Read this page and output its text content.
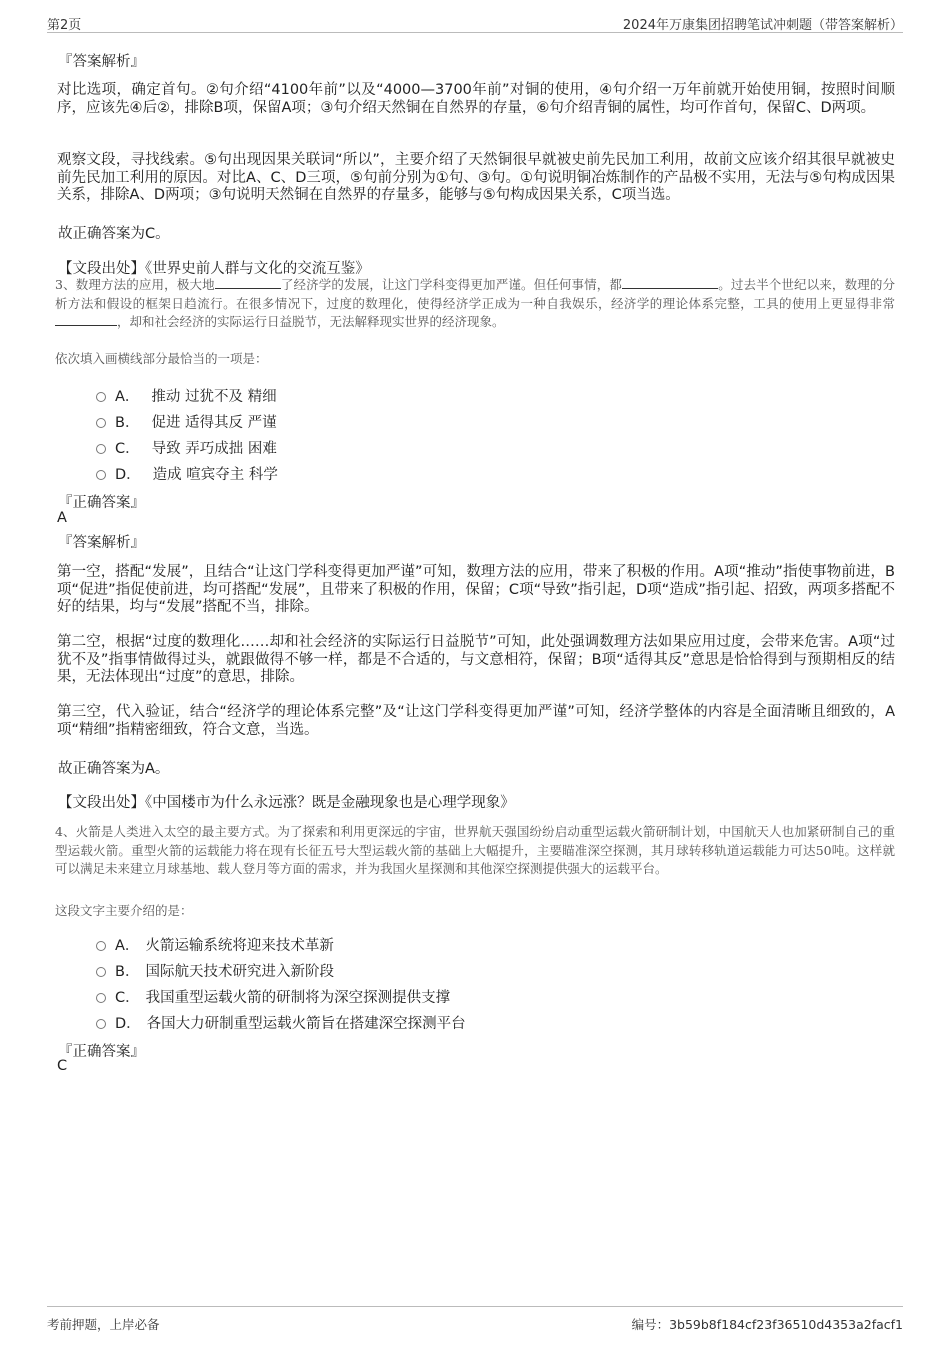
第2页	2024年万康集团招聘笔试冲刺题（带答案解析）
『答案解析』
对比选项，确定首句。②句介绍“4100年前”以及“4000—3700年前”对铜的使用，④句介绍一万年前就开始使用铜，按照时间顺序，应该先④后②，排除B项，保留A项；③句介绍天然铜在自然界的存量，⑥句介绍青铜的属性，均可作首句，保留C、D两项。
观察文段，寻找线索。⑤句出现因果关联词“所以”，主要介绍了天然铜很早就被史前先民加工利用，故前文应该介绍其很早就被史前先民加工利用的原因。对比A、C、D三项，⑤句前分别为①句、③句。①句说明铜冶炼制作的产品极不实用，无法与⑤句构成因果关系，排除A、D两项；③句说明天然铜在自然界的存量多，能够与⑤句构成因果关系，C项当选。
故正确答案为C。
【文段出处】《世界史前人群与文化的交流互鉴》
3、数理方法的应用，极大地	了经济学的发展，让这门学科变得更加严谨。但任何事情，都	。过去半个世纪以来，数理的分析方法和假设的框架日趋流行。在很多情况下，过度的数理化，使得经济学正成为一种自我娱乐，经济学的理论体系完整，工具的使用上更显得非常，却和社会经济的实际运行日益脱节，无法解释现实世界的经济现象。
依次填入画横线部分最恰当的一项是：
A． 推动 过犹不及 精细
B． 促进 适得其反 严谨
C． 导致 弄巧成拙 困难
D． 造成 喧宾夺主 科学
『正确答案』
A
『答案解析』
第一空，搭配“发展”，且结合“让这门学科变得更加严谨”可知，数理方法的应用，带来了积极的作用。A项“推动”指使事物前进，B项“促进”指促使前进，均可搭配“发展”，且带来了积极的作用，保留；C项“导致”指引起，D项“造成”指引起、招致，两项多搭配不好的结果，均与“发展”搭配不当，排除。
第二空，根据“过度的数理化……却和社会经济的实际运行日益脱节”可知，此处强调数理方法如果应用过度，会带来危害。A项“过犹不及”指事情做得过头，就跟做得不够一样，都是不合适的，与文意相符，保留；B项“适得其反”意思是恰恰得到与预期相反的结果，无法体现出“过度”的意思，排除。
第三空，代入验证，结合“经济学的理论体系完整”及“让这门学科变得更加严谨”可知，经济学整体的内容是全面清晰且细致的，A项“精细”指精密细致，符合文意，当选。
故正确答案为A。
【文段出处】《中国楼市为什么永远涨？既是金融现象也是心理学现象》
4、火箭是人类进入太空的最主要方式。为了探索和利用更深远的宇宙，世界航天强国纷纷启动重型运载火箭研制计划，中国航天人也加紧研制自己的重型运载火箭。重型火箭的运载能力将在现有长征五号大型运载火箭的基础上大幅提升，主要瞄准深空探测，其月球转移轨道运载能力可达50吨。这样就可以满足未来建立月球基地、载人登月等方面的需求，并为我国火星探测和其他深空探测提供强大的运载平台。
这段文字主要介绍的是：
A． 火箭运输系统将迎来技术革新
B． 国际航天技术研究进入新阶段
C． 我国重型运载火箭的研制将为深空探测提供支撑
D． 各国大力研制重型运载火箭旨在搭建深空探测平台
『正确答案』
C
考前押题，上岸必备	编号：3b59b8f184cf23f36510d4353a2facf1
